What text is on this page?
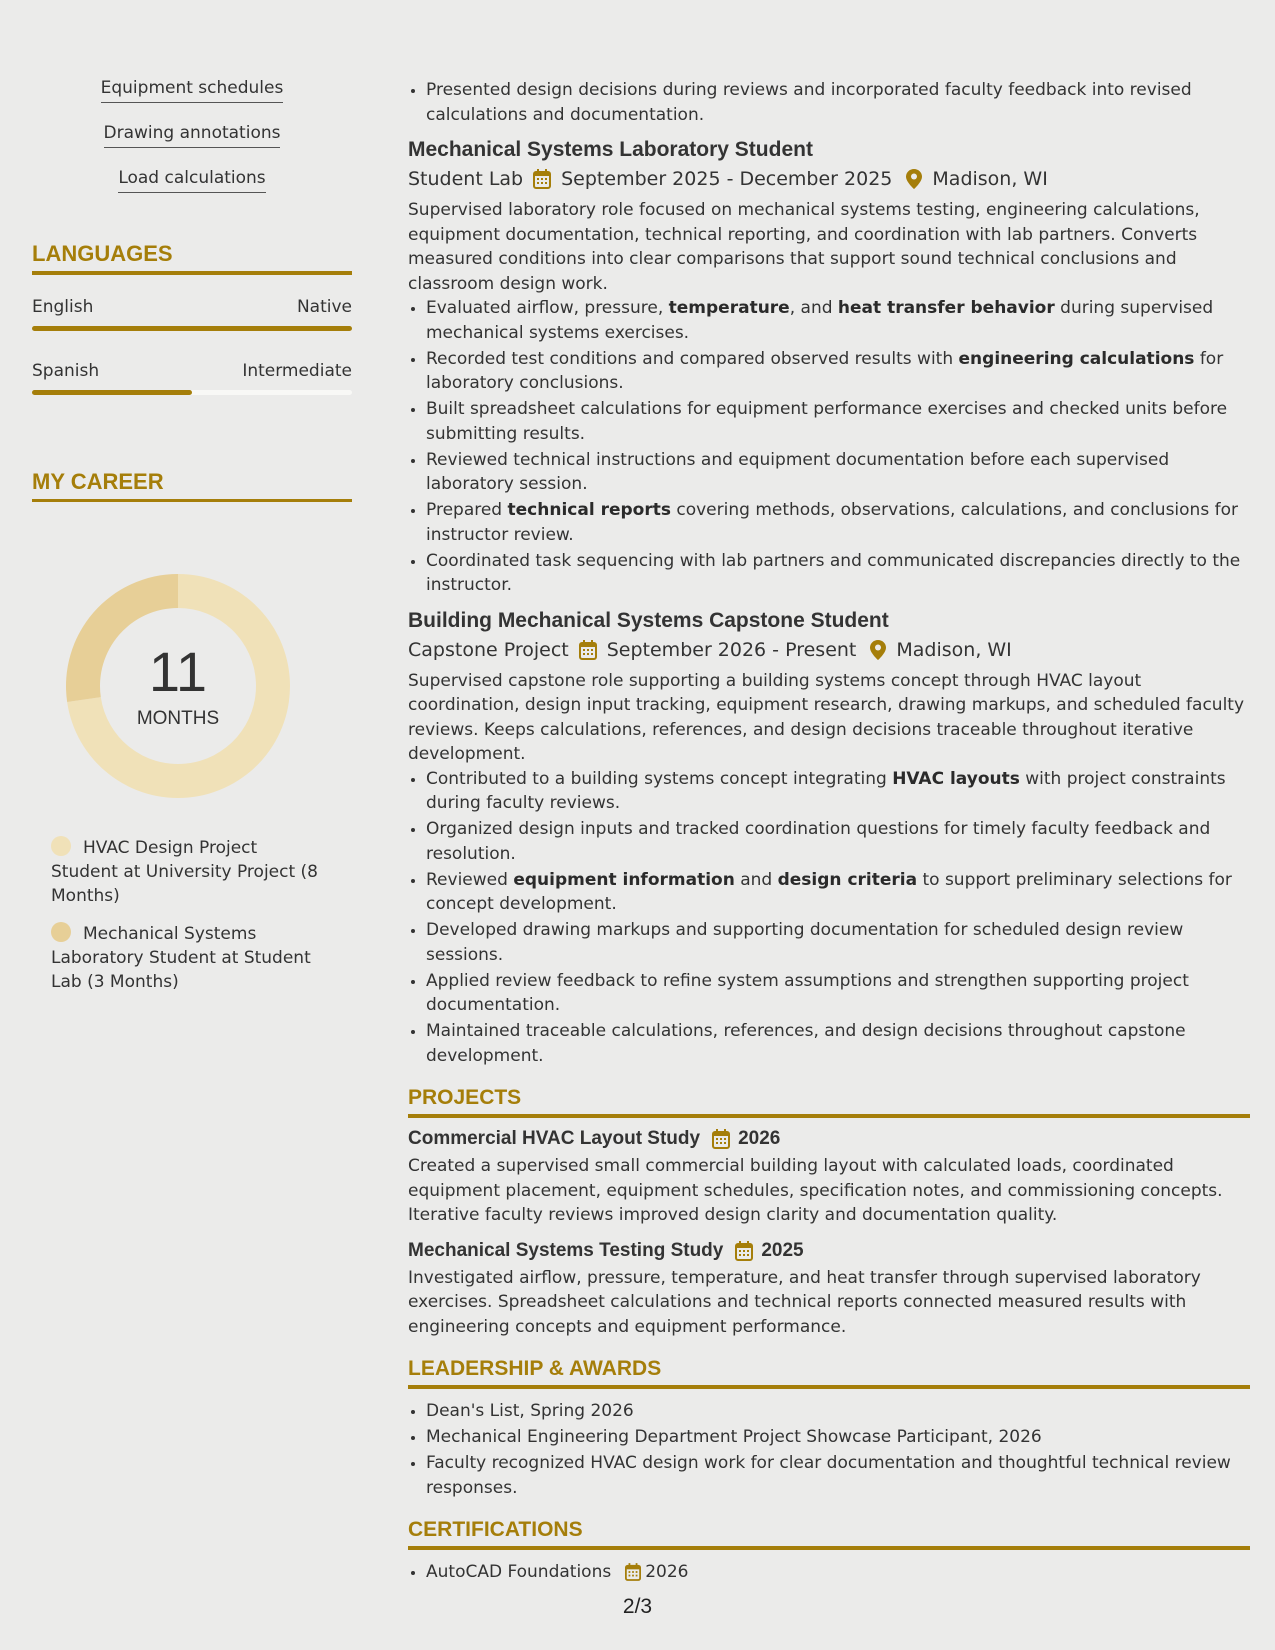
Equipment schedules
Drawing annotations
Load calculations
LANGUAGES
English	Native
Spanish	Intermediate
MY CAREER
11
MONTHS
HVAC Design Project Student at University Project (8 Months)
Mechanical Systems Laboratory Student at Student Lab (3 Months)
• Presented design decisions during reviews and incorporated faculty feedback into revised calculations and documentation.
Mechanical Systems Laboratory Student
Student Lab September 2025 - December 2025 Madison, WI

Supervised laboratory role focused on mechanical systems testing, engineering calculations, equipment documentation, technical reporting, and coordination with lab partners. Converts measured conditions into clear comparisons that support sound technical conclusions and classroom design work.

• Evaluated airflow, pressure, temperature, and heat transfer behavior during supervised mechanical systems exercises.
• Recorded test conditions and compared observed results with engineering calculations for laboratory conclusions.
• Built spreadsheet calculations for equipment performance exercises and checked units before submitting results.
• Reviewed technical instructions and equipment documentation before each supervised laboratory session.
• Prepared technical reports covering methods, observations, calculations, and conclusions for instructor review.
• Coordinated task sequencing with lab partners and communicated discrepancies directly to the instructor.
Building Mechanical Systems Capstone Student
Capstone Project September 2026 - Present Madison, WI

Supervised capstone role supporting a building systems concept through HVAC layout coordination, design input tracking, equipment research, drawing markups, and scheduled faculty reviews. Keeps calculations, references, and design decisions traceable throughout iterative development.

• Contributed to a building systems concept integrating HVAC layouts with project constraints during faculty reviews.
• Organized design inputs and tracked coordination questions for timely faculty feedback and resolution.
• Reviewed equipment information and design criteria to support preliminary selections for concept development.
• Developed drawing markups and supporting documentation for scheduled design review sessions.
• Applied review feedback to refine system assumptions and strengthen supporting project documentation.
• Maintained traceable calculations, references, and design decisions throughout capstone development.
PROJECTS
Commercial HVAC Layout Study 2026

Created a supervised small commercial building layout with calculated loads, coordinated equipment placement, equipment schedules, specification notes, and commissioning concepts. Iterative faculty reviews improved design clarity and documentation quality.

Mechanical Systems Testing Study 2025

Investigated airflow, pressure, temperature, and heat transfer through supervised laboratory exercises. Spreadsheet calculations and technical reports connected measured results with engineering concepts and equipment performance.

LEADERSHIP & AWARDS
• Dean's List, Spring 2026
• Mechanical Engineering Department Project Showcase Participant, 2026
• Faculty recognized HVAC design work for clear documentation and thoughtful technical review responses.
CERTIFICATIONS
• AutoCAD Foundations 2026
2/3
